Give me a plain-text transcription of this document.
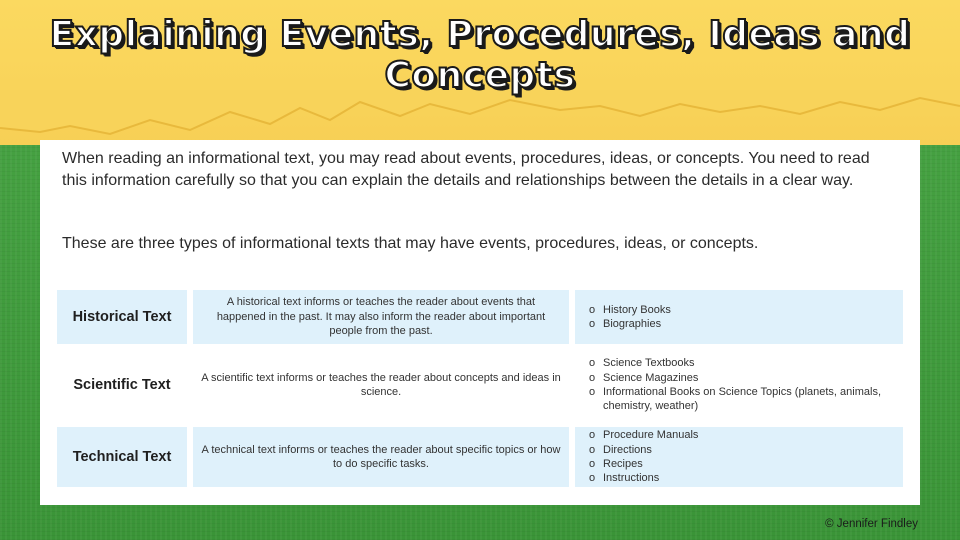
Explaining Events, Procedures, Ideas and Concepts

When reading an informational text, you may read about events, procedures, ideas, or concepts. You need to read this information carefully so that you can explain the details and relationships between the details in a clear way.

These are three types of informational texts that may have events, procedures, ideas, or concepts.

Historical Text
A historical text informs or teaches the reader about events that happened in the past. It may also inform the reader about important people from the past.
o History Books
o Biographies
Scientific Text	A scientific text informs or teaches the reader about concepts and ideas in science.
o Science Textbooks
o Science Magazines
o Informational Books on Science Topics (planets, animals, chemistry, weather)
Technical Text	A technical text informs or teaches the reader about specific topics or how to do specific tasks.
o Procedure Manuals
o Directions
o Recipes
o Instructions
© Jennifer Findley
